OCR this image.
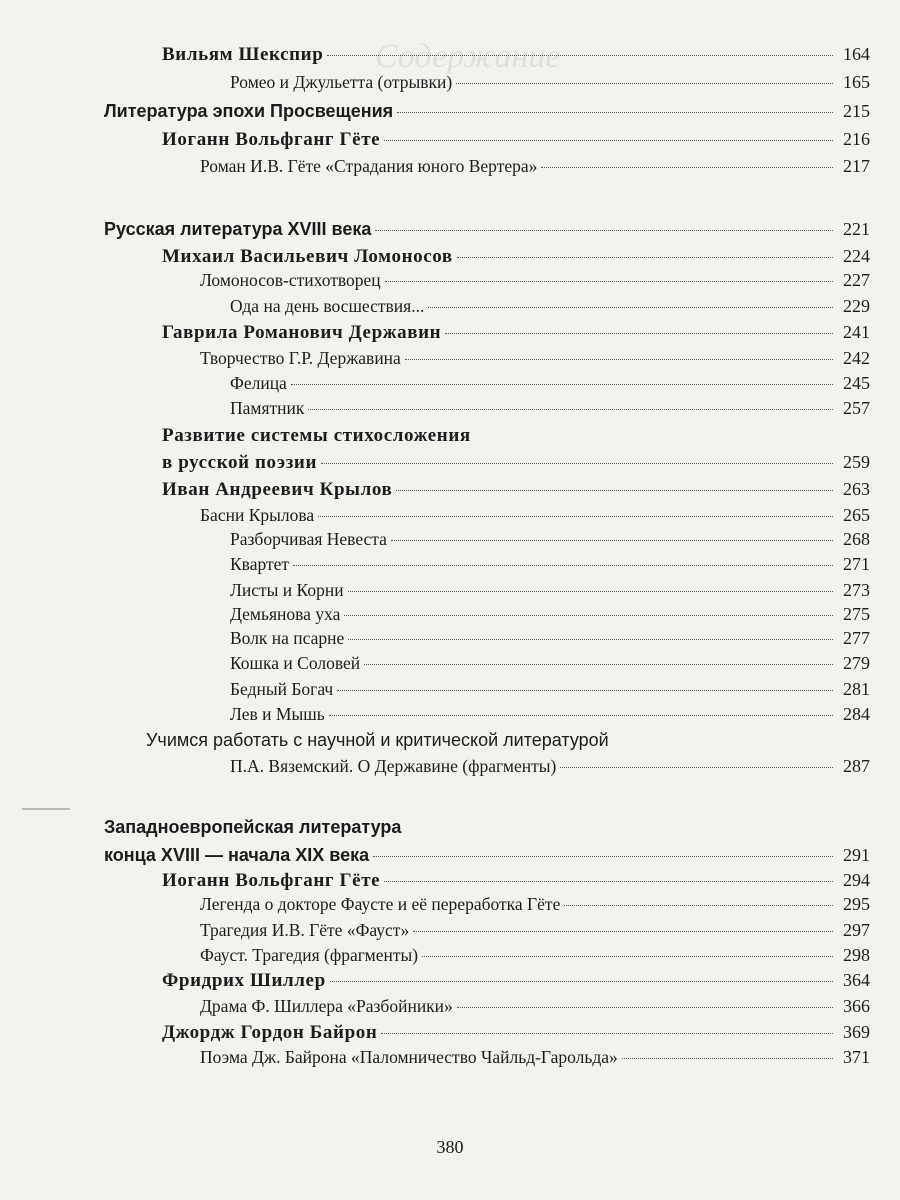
Содержание
Вильям Шекспир	164
Ромео и Джульетта (отрывки)	165
Литература эпохи Просвещения	215
Иоганн Вольфганг Гёте	216
Роман И.В. Гёте «Страдания юного Вертера»	217
Русская литература XVIII века	221
Михаил Васильевич Ломоносов	224
Ломоносов-стихотворец	227
Ода на день восшествия...	229
Гаврила Романович Державин	241
Творчество Г.Р. Державина	242
Фелица	245
Памятник	257
Развитие системы стихосложения
в русской поэзии	259
Иван Андреевич Крылов	263
Басни Крылова	265
Разборчивая Невеста	268
Квартет	271
Листы и Корни	273
Демьянова уха	275
Волк на псарне	277
Кошка и Соловей	279
Бедный Богач	281
Лев и Мышь	284
Учимся работать с научной и критической литературой
П.А. Вяземский. О Державине (фрагменты)	287
Западноевропейская литература
конца XVIII — начала XIX века	291
Иоганн Вольфганг Гёте	294
Легенда о докторе Фаусте и её переработка Гёте	295
Трагедия И.В. Гёте «Фауст»	297
Фауст. Трагедия (фрагменты)	298
Фридрих Шиллер	364
Драма Ф. Шиллера «Разбойники»	366
Джордж Гордон Байрон	369
Поэма Дж. Байрона «Паломничество Чайльд-Гарольда»	371
380
